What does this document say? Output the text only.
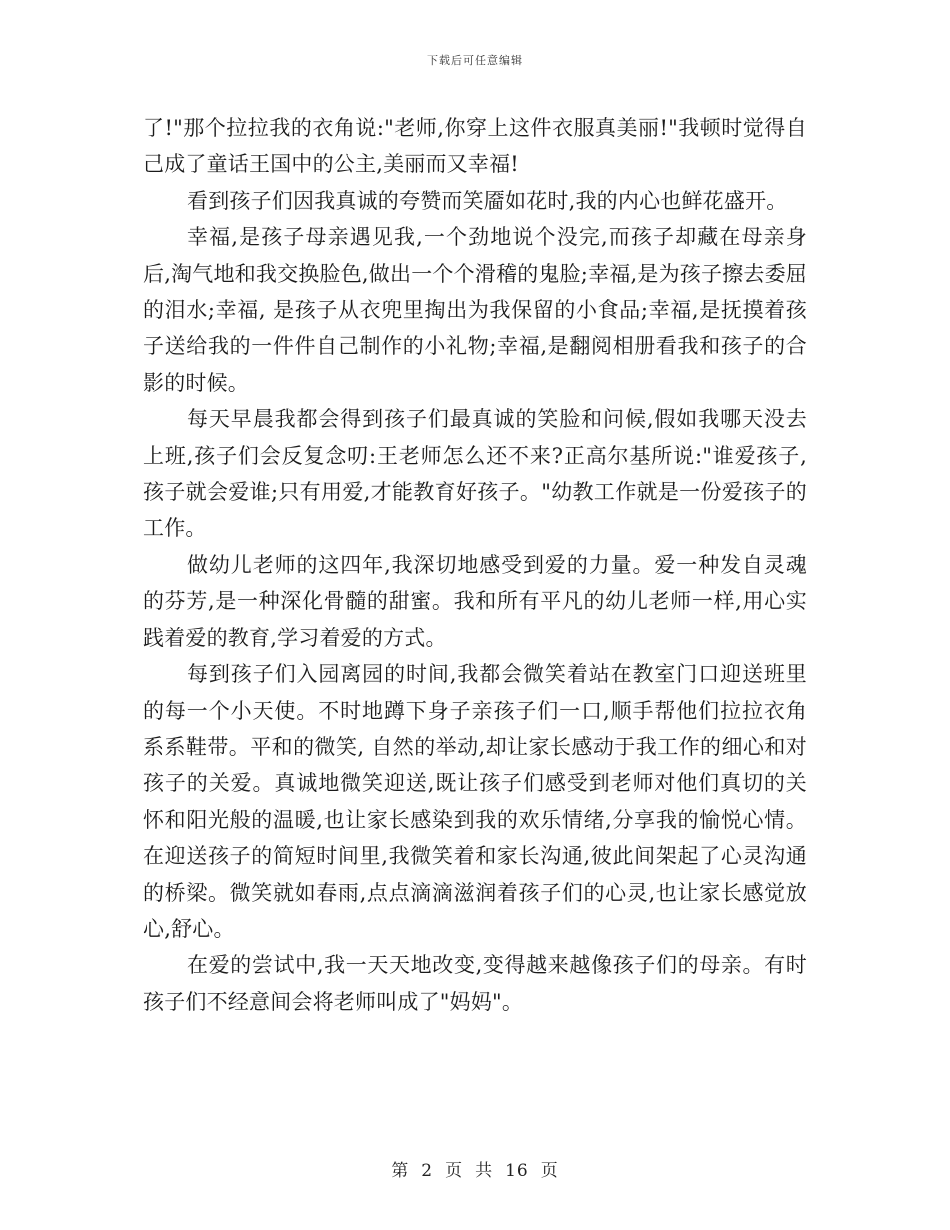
下载后可任意编辑

了!"那个拉拉我的衣角说:"老师,你穿上这件衣服真美丽!"我顿时觉得自己成了童话王国中的公主,美丽而又幸福!

看到孩子们因我真诚的夸赞而笑靥如花时,我的内心也鲜花盛开。

幸福,是孩子母亲遇见我,一个劲地说个没完,而孩子却藏在母亲身后,淘气地和我交换脸色,做出一个个滑稽的鬼脸;幸福,是为孩子擦去委屈的泪水;幸福, 是孩子从衣兜里掏出为我保留的小食品;幸福,是抚摸着孩子送给我的一件件自己制作的小礼物;幸福,是翻阅相册看我和孩子的合影的时候。

每天早晨我都会得到孩子们最真诚的笑脸和问候,假如我哪天没去上班,孩子们会反复念叨:王老师怎么还不来?正高尔基所说:"谁爱孩子,孩子就会爱谁;只有用爱,才能教育好孩子。"幼教工作就是一份爱孩子的工作。

做幼儿老师的这四年,我深切地感受到爱的力量。爱一种发自灵魂的芬芳,是一种深化骨髓的甜蜜。我和所有平凡的幼儿老师一样,用心实践着爱的教育,学习着爱的方式。

每到孩子们入园离园的时间,我都会微笑着站在教室门口迎送班里的每一个小天使。不时地蹲下身子亲孩子们一口,顺手帮他们拉拉衣角系系鞋带。平和的微笑, 自然的举动,却让家长感动于我工作的细心和对孩子的关爱。真诚地微笑迎送,既让孩子们感受到老师对他们真切的关怀和阳光般的温暖,也让家长感染到我的欢乐情绪,分享我的愉悦心情。在迎送孩子的简短时间里,我微笑着和家长沟通,彼此间架起了心灵沟通的桥梁。微笑就如春雨,点点滴滴滋润着孩子们的心灵,也让家长感觉放心,舒心。

在爱的尝试中,我一天天地改变,变得越来越像孩子们的母亲。有时孩子们不经意间会将老师叫成了"妈妈"。

第 2 页 共 16 页
